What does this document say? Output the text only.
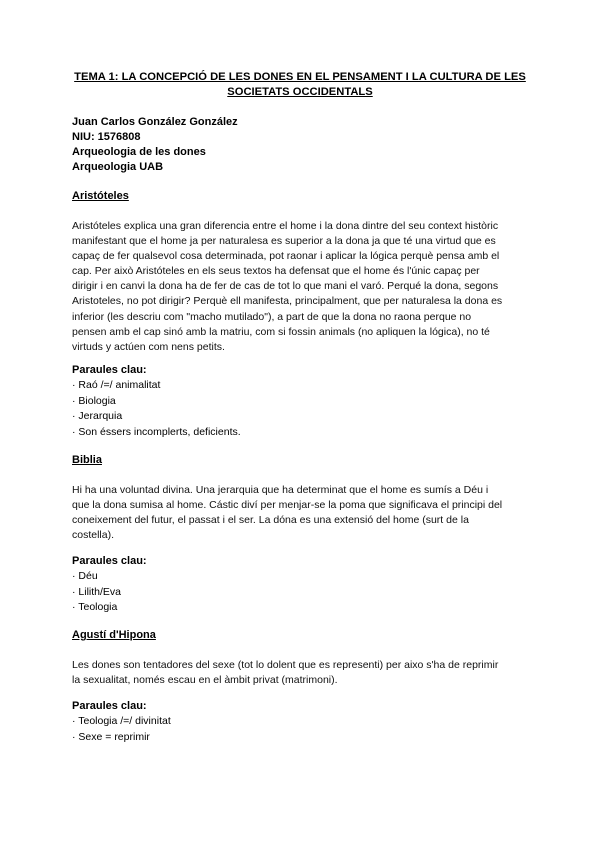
TEMA 1: LA CONCEPCIÓ DE LES DONES EN EL PENSAMENT I LA CULTURA DE LES
SOCIETATS OCCIDENTALS
Juan Carlos González González
NIU: 1576808
Arqueologia de les dones
Arqueologia UAB
Aristóteles
Aristóteles explica una gran diferencia entre el home i la dona dintre del seu context històric
manifestant que el home ja per naturalesa es superior a la dona ja que té una virtud que es
capaç de fer qualsevol cosa determinada, pot raonar i aplicar la lógica perquè pensa amb el
cap. Per això Aristóteles en els seus textos ha defensat que el home és l'únic capaç per
dirigir i en canvi la dona ha de fer de cas de tot lo que mani el varó. Perqué la dona, segons
Aristoteles, no pot dirigir? Perquè ell manifesta, principalment, que per naturalesa la dona es
inferior (les descriu com "macho mutilado"), a part de que la dona no raona perque no
pensen amb el cap sinó amb la matriu, com si fossin animals (no apliquen la lógica), no té
virtuds y actúen com nens petits.
Paraules clau:
· Raó /=/ animalitat
· Biologia
· Jerarquia
· Son éssers incomplerts, deficients.
Biblia
Hi ha una voluntad divina. Una jerarquia que ha determinat que el home es sumís a Déu i
que la dona sumisa al home. Cástic diví per menjar-se la poma que significava el principi del
coneixement del futur, el passat i el ser. La dóna es una extensió del home (surt de la
costella).
Paraules clau:
· Déu
· Lilith/Eva
· Teologia
Agustí d'Hipona
Les dones son tentadores del sexe (tot lo dolent que es representi) per aixo s'ha de reprimir
la sexualitat, només escau en el àmbit privat (matrimoni).
Paraules clau:
· Teologia /=/ divinitat
· Sexe = reprimir
